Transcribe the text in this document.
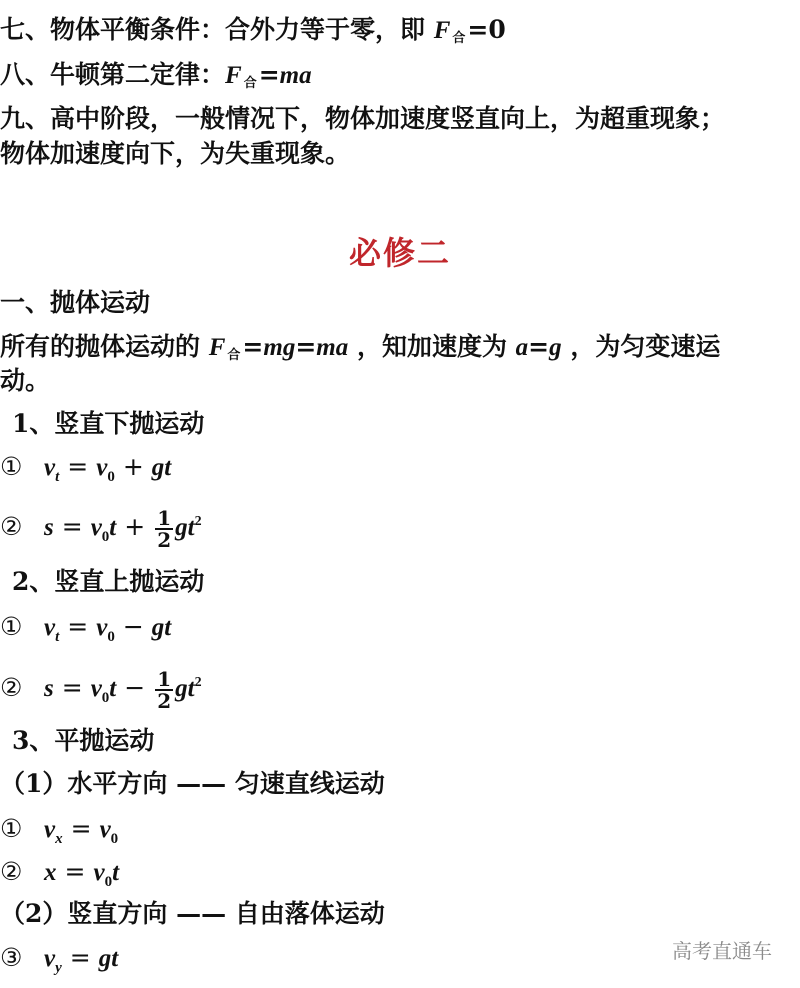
七、物体平衡条件：合外力等于零，即 F 合=0
八、牛顿第二定律：F 合=ma
九、高中阶段，一般情况下，物体加速度竖直向上，为超重现象；
物体加速度向下，为失重现象。
必修二
一、抛体运动
所有的抛体运动的 F 合=mg=ma ，知加速度为 a=g ，为匀变速运
动。
1、竖直下抛运动
① $v_t = v_0$ + gt
② $s = v_0t + \frac{1}{2} gt^2$
2、竖直上抛运动
① $v_t = v_0$ − gt
② $s = v_0t - \frac{1}{2} gt^2$
3、平抛运动
（1）水平方向 —— 匀速直线运动
① $v_x = v_0$
② $x = v_0t$
（2）竖直方向 —— 自由落体运动
③ $v_y$ = gt	高考直通车
